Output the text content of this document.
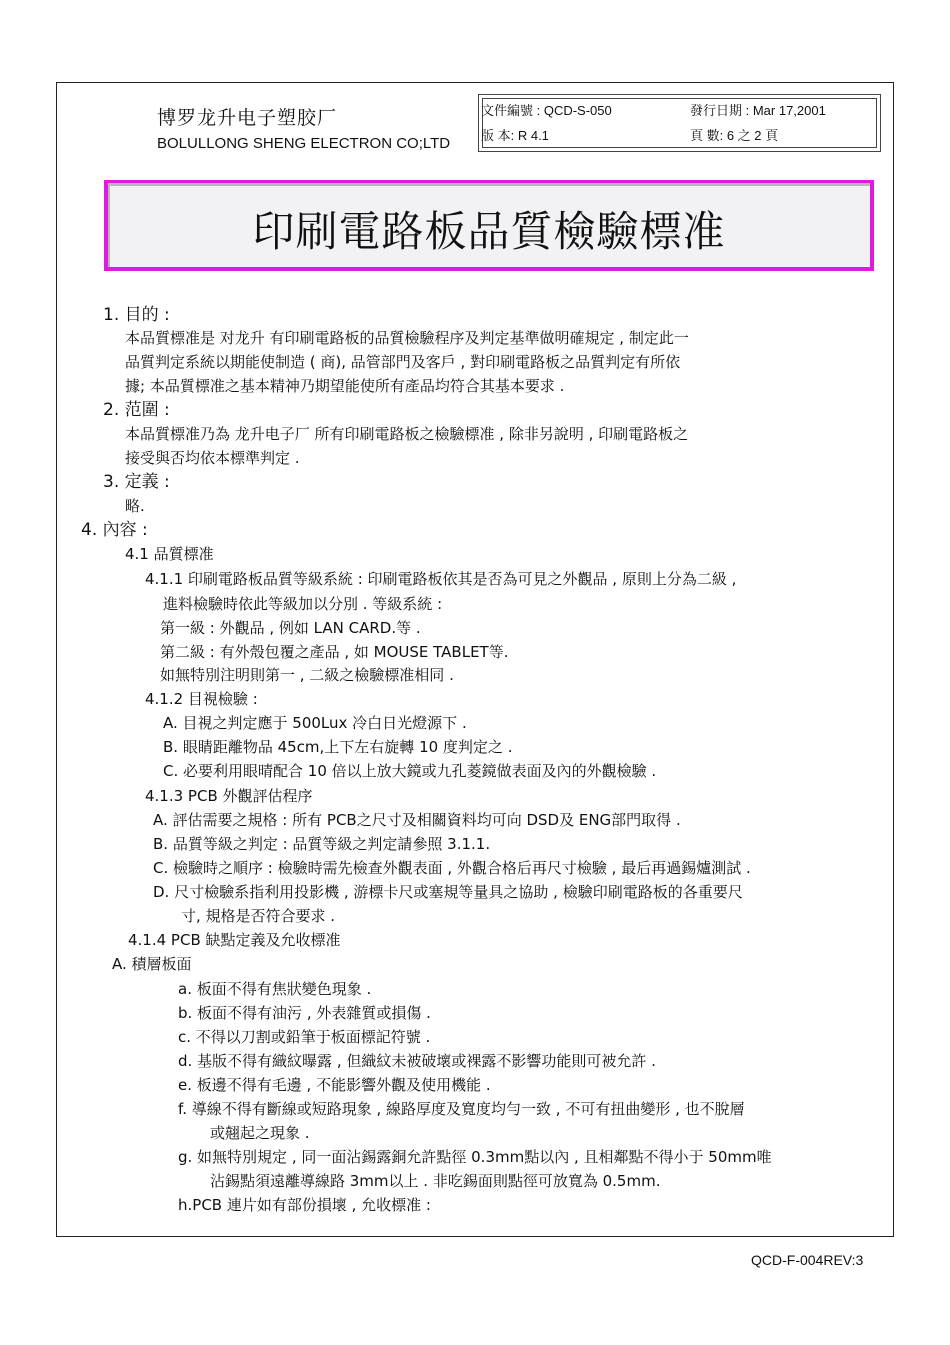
博罗龙升电子塑胶厂
BOLULLONG SHENG ELECTRON CO;LTD
文件編號 : QCD-S-050	發行日期 : Mar 17,2001
版 本: R 4.1	頁 數: 6 之 2 頁
印刷電路板品質檢驗標准
1. 目的 :
本品質標准是 对龙升 有印刷電路板的品質檢驗程序及判定基準做明確規定 , 制定此一
品質判定系統以期能使制造 ( 商), 品管部門及客戶 , 對印刷電路板之品質判定有所依
據; 本品質標准之基本精神乃期望能使所有產品均符合其基本要求 .
2. 范圍 :
本品質標准乃為 龙升电子厂 所有印刷電路板之檢驗標准 , 除非另說明 , 印刷電路板之
接受與否均依本標準判定 .
3. 定義 :
略.
4. 內容 :
4.1 品質標准
4.1.1 印刷電路板品質等級系統 : 印刷電路板依其是否為可見之外觀品 , 原則上分為二級 ,
進料檢驗時依此等級加以分別 . 等級系統 :
第一級 : 外觀品 , 例如 LAN CARD.等 .
第二級 : 有外殼包覆之產品 , 如 MOUSE TABLET等.
如無特別注明則第一 , 二級之檢驗標准相同 .
4.1.2 目視檢驗 :
A. 目視之判定應于 500Lux 冷白日光燈源下 .
B. 眼睛距離物品 45cm,上下左右旋轉 10 度判定之 .
C. 必要利用眼晴配合 10 倍以上放大鏡或九孔菱鏡做表面及內的外觀檢驗 .
4.1.3 PCB 外觀評估程序
A. 評估需要之規格 : 所有 PCB之尺寸及相關資料均可向 DSD及 ENG部門取得 .
B. 品質等級之判定 : 品質等級之判定請參照 3.1.1.
C. 檢驗時之順序 : 檢驗時需先檢查外觀表面 , 外觀合格后再尺寸檢驗 , 最后再過錫爐測試 .
D. 尺寸檢驗系指利用投影機 , 游標卡尺或塞規等量具之協助 , 檢驗印刷電路板的各重要尺
寸, 規格是否符合要求 .
4.1.4 PCB 缺點定義及允收標准
A. 積層板面
a. 板面不得有焦狀變色現象 .
b. 板面不得有油污 , 外表雜質或損傷 .
c. 不得以刀割或鉛筆于板面標記符號 .
d. 基版不得有織紋曝露 , 但織紋未被破壞或裸露不影響功能則可被允許 .
e. 板邊不得有毛邊 , 不能影響外觀及使用機能 .
f. 導線不得有斷線或短路現象 , 線路厚度及寬度均勻一致 , 不可有扭曲變形 , 也不脫層
或翹起之現象 .
g. 如無特別規定 , 同一面沾錫露銅允許點徑 0.3mm點以內 , 且相鄰點不得小于 50mm唯
沾錫點須遠離導線路 3mm以上 . 非吃錫面則點徑可放寬為 0.5mm.
h.PCB 連片如有部份損壞 , 允收標准 :
QCD-F-004REV:3
